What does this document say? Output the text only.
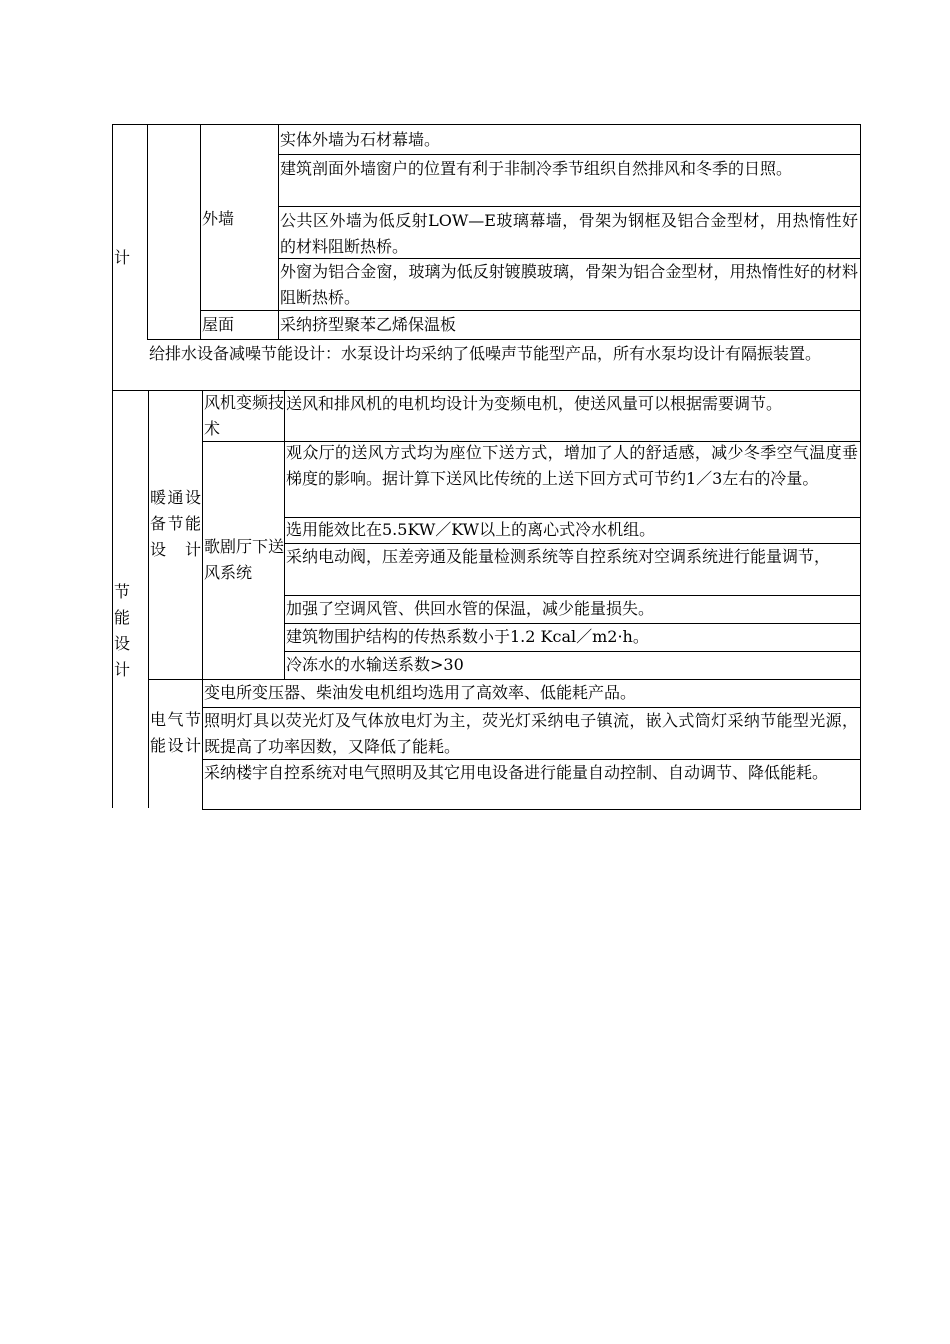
计

外墙

实体外墙为石材幕墙。

建筑剖面外墙窗户的位置有利于非制冷季节组织自然排风和冬季的日照。

公共区外墙为低反射LOW—E玻璃幕墙，骨架为钢框及铝合金型材，用热惰性好的材料阻断热桥。

外窗为铝合金窗，玻璃为低反射镀膜玻璃，骨架为铝合金型材，用热惰性好的材料阻断热桥。

屋面	采纳挤型聚苯乙烯保温板

给排水设备减噪节能设计：水泵设计均采纳了低噪声节能型产品，所有水泵均设计有隔振装置。

节能设计

暖通设备节能设计

风机变频技术

送风和排风机的电机均设计为变频电机，使送风量可以根据需要调节。

歌剧厅下送风系统

观众厅的送风方式均为座位下送方式，增加了人的舒适感，减少冬季空气温度垂梯度的影响。据计算下送风比传统的上送下回方式可节约1／3左右的冷量。

选用能效比在5.5KW／KW以上的离心式冷水机组。

采纳电动阀，压差旁通及能量检测系统等自控系统对空调系统进行能量调节，

加强了空调风管、供回水管的保温，减少能量损失。

建筑物围护结构的传热系数小于1.2 Kcal／m2·h。

冷冻水的水输送系数>30

电气节能设计

变电所变压器、柴油发电机组均选用了高效率、低能耗产品。

照明灯具以荧光灯及气体放电灯为主，荧光灯采纳电子镇流，嵌入式筒灯采纳节能型光源，既提高了功率因数，又降低了能耗。

采纳楼宇自控系统对电气照明及其它用电设备进行能量自动控制、自动调节、降低能耗。
